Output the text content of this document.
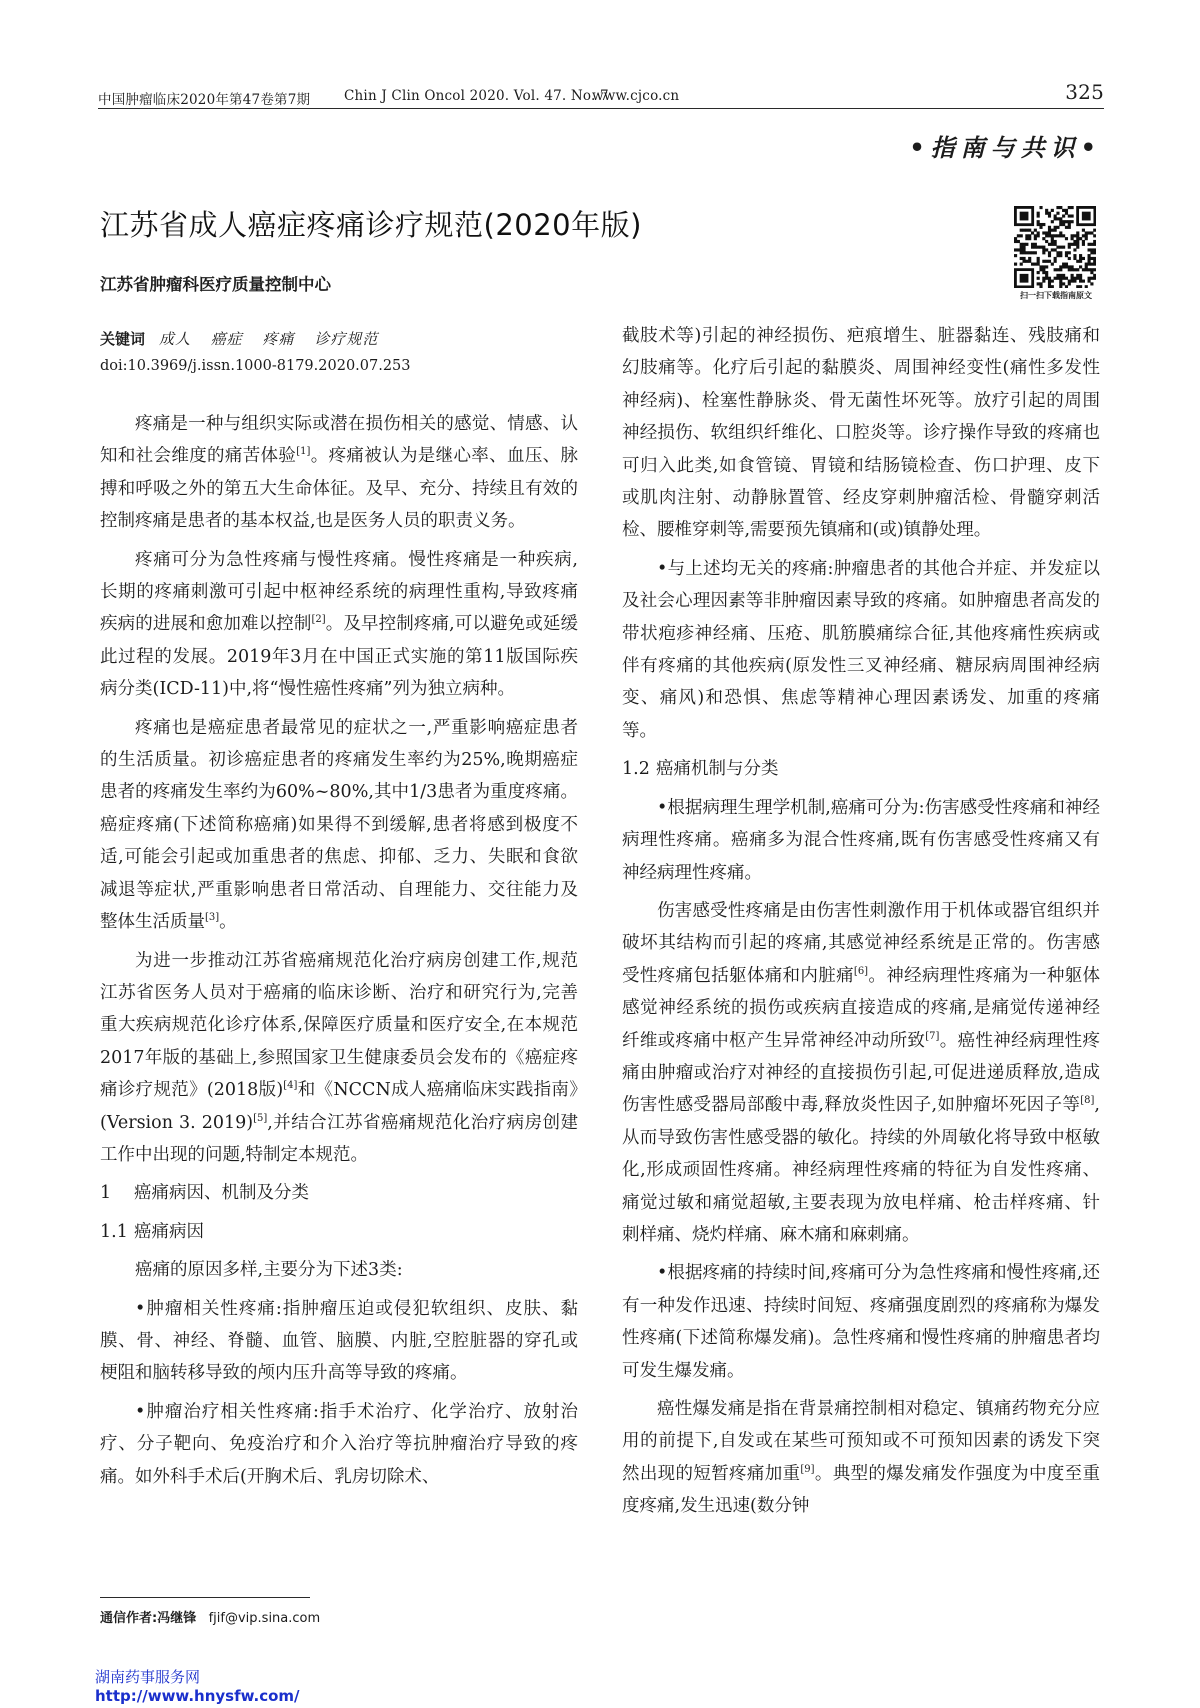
中国肿瘤临床2020年第47卷第7期	Chin J Clin Oncol 2020. Vol. 47. No. 7
www.cjco.cn	325
•指南与共识•
江苏省成人癌症疼痛诊疗规范(2020年版)
江苏省肿瘤科医疗质量控制中心
扫一扫下载指南原文
关键词 成人 癌症 疼痛 诊疗规范
doi:10.3969/j.issn.1000-8179.2020.07.253

疼痛是一种与组织实际或潜在损伤相关的感觉、情感、认知和社会维度的痛苦体验[1]。疼痛被认为是继心率、血压、脉搏和呼吸之外的第五大生命体征。及早、充分、持续且有效的控制疼痛是患者的基本权益,也是医务人员的职责义务。

疼痛可分为急性疼痛与慢性疼痛。慢性疼痛是一种疾病,长期的疼痛刺激可引起中枢神经系统的病理性重构,导致疼痛疾病的进展和愈加难以控制[2]。及早控制疼痛,可以避免或延缓此过程的发展。2019年3月在中国正式实施的第11版国际疾病分类(ICD-11)中,将“慢性癌性疼痛”列为独立病种。

疼痛也是癌症患者最常见的症状之一,严重影响癌症患者的生活质量。初诊癌症患者的疼痛发生率约为25%,晚期癌症患者的疼痛发生率约为60%~80%,其中1/3患者为重度疼痛。癌症疼痛(下述简称癌痛)如果得不到缓解,患者将感到极度不适,可能会引起或加重患者的焦虑、抑郁、乏力、失眠和食欲减退等症状,严重影响患者日常活动、自理能力、交往能力及整体生活质量[3]。

为进一步推动江苏省癌痛规范化治疗病房创建工作,规范江苏省医务人员对于癌痛的临床诊断、治疗和研究行为,完善重大疾病规范化诊疗体系,保障医疗质量和医疗安全,在本规范2017年版的基础上,参照国家卫生健康委员会发布的《癌症疼痛诊疗规范》(2018版)[4]和《NCCN成人癌痛临床实践指南》(Version 3. 2019)[5],并结合江苏省癌痛规范化治疗病房创建工作中出现的问题,特制定本规范。

1 癌痛病因、机制及分类

1.1 癌痛病因

癌痛的原因多样,主要分为下述3类:

•肿瘤相关性疼痛:指肿瘤压迫或侵犯软组织、皮肤、黏膜、骨、神经、脊髓、血管、脑膜、内脏,空腔脏器的穿孔或梗阻和脑转移导致的颅内压升高等导致的疼痛。

•肿瘤治疗相关性疼痛:指手术治疗、化学治疗、放射治疗、分子靶向、免疫治疗和介入治疗等抗肿瘤治疗导致的疼痛。如外科手术后(开胸术后、乳房切除术、

截肢术等)引起的神经损伤、疤痕增生、脏器黏连、残肢痛和幻肢痛等。化疗后引起的黏膜炎、周围神经变性(痛性多发性神经病)、栓塞性静脉炎、骨无菌性坏死等。放疗引起的周围神经损伤、软组织纤维化、口腔炎等。诊疗操作导致的疼痛也可归入此类,如食管镜、胃镜和结肠镜检查、伤口护理、皮下或肌肉注射、动静脉置管、经皮穿刺肿瘤活检、骨髓穿刺活检、腰椎穿刺等,需要预先镇痛和(或)镇静处理。

•与上述均无关的疼痛:肿瘤患者的其他合并症、并发症以及社会心理因素等非肿瘤因素导致的疼痛。如肿瘤患者高发的带状疱疹神经痛、压疮、肌筋膜痛综合征,其他疼痛性疾病或伴有疼痛的其他疾病(原发性三叉神经痛、糖尿病周围神经病变、痛风)和恐惧、焦虑等精神心理因素诱发、加重的疼痛等。

1.2 癌痛机制与分类

•根据病理生理学机制,癌痛可分为:伤害感受性疼痛和神经病理性疼痛。癌痛多为混合性疼痛,既有伤害感受性疼痛又有神经病理性疼痛。

伤害感受性疼痛是由伤害性刺激作用于机体或器官组织并破坏其结构而引起的疼痛,其感觉神经系统是正常的。伤害感受性疼痛包括躯体痛和内脏痛[6]。神经病理性疼痛为一种躯体感觉神经系统的损伤或疾病直接造成的疼痛,是痛觉传递神经纤维或疼痛中枢产生异常神经冲动所致[7]。癌性神经病理性疼痛由肿瘤或治疗对神经的直接损伤引起,可促进递质释放,造成伤害性感受器局部酸中毒,释放炎性因子,如肿瘤坏死因子等[8],从而导致伤害性感受器的敏化。持续的外周敏化将导致中枢敏化,形成顽固性疼痛。神经病理性疼痛的特征为自发性疼痛、痛觉过敏和痛觉超敏,主要表现为放电样痛、枪击样疼痛、针刺样痛、烧灼样痛、麻木痛和麻刺痛。

•根据疼痛的持续时间,疼痛可分为急性疼痛和慢性疼痛,还有一种发作迅速、持续时间短、疼痛强度剧烈的疼痛称为爆发性疼痛(下述简称爆发痛)。急性疼痛和慢性疼痛的肿瘤患者均可发生爆发痛。

癌性爆发痛是指在背景痛控制相对稳定、镇痛药物充分应用的前提下,自发或在某些可预知或不可预知因素的诱发下突然出现的短暂疼痛加重[9]。典型的爆发痛发作强度为中度至重度疼痛,发生迅速(数分钟

通信作者:冯继锋 fjif@vip.sina.com
湖南药事服务网
http://www.hnysfw.com/
